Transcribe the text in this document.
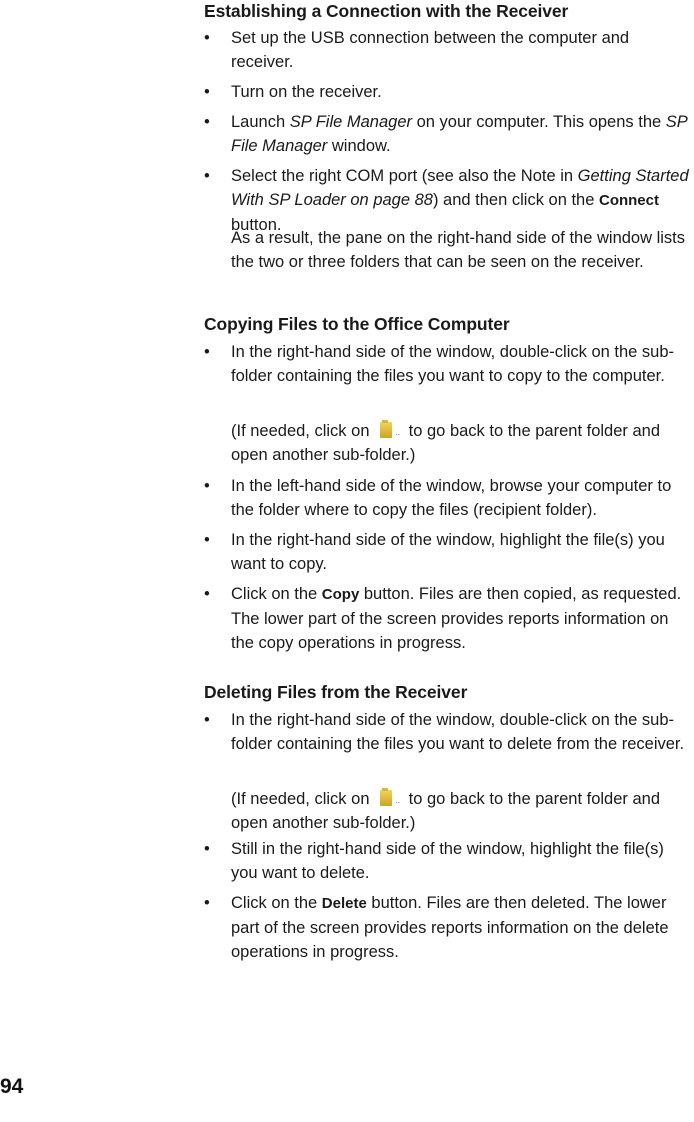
Establishing a Connection with the Receiver
• Set up the USB connection between the computer and receiver.
• Turn on the receiver.
• Launch SP File Manager on your computer. This opens the SP File Manager window.
• Select the right COM port (see also the Note in Getting Started With SP Loader on page 88) and then click on the Connect button.
As a result, the pane on the right-hand side of the window lists the two or three folders that can be seen on the receiver.
Copying Files to the Office Computer
• In the right-hand side of the window, double-click on the sub-folder containing the files you want to copy to the computer.
(If needed, click on .. to go back to the parent folder and open another sub-folder.)
• In the left-hand side of the window, browse your computer to the folder where to copy the files (recipient folder).
• In the right-hand side of the window, highlight the file(s) you want to copy.
• Click on the Copy button. Files are then copied, as requested. The lower part of the screen provides reports information on the copy operations in progress.
Deleting Files from the Receiver
• In the right-hand side of the window, double-click on the sub-folder containing the files you want to delete from the receiver.
(If needed, click on .. to go back to the parent folder and open another sub-folder.)
• Still in the right-hand side of the window, highlight the file(s) you want to delete.
• Click on the Delete button. Files are then deleted. The lower part of the screen provides reports information on the delete operations in progress.
94
